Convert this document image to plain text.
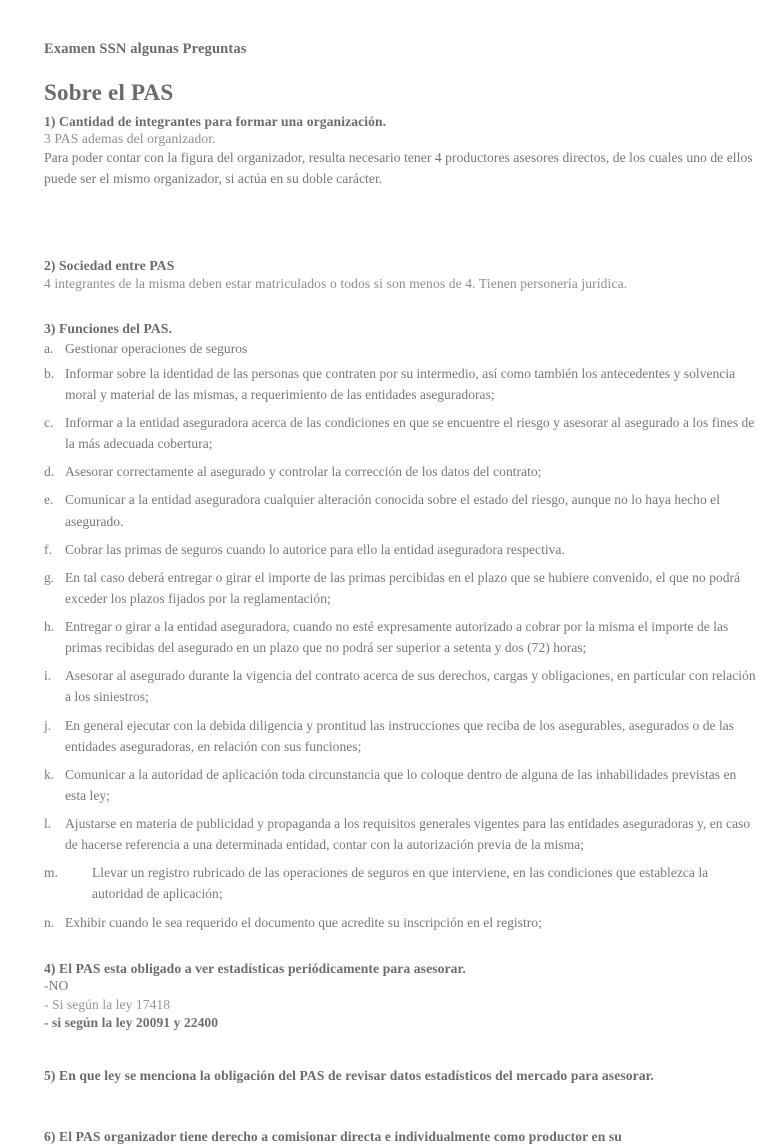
Examen SSN algunas Preguntas
Sobre el PAS
1) Cantidad de integrantes para formar una organización.
3 PAS ademas del organizador.
Para poder contar con la figura del organizador, resulta necesario tener 4 productores asesores directos, de los cuales uno de ellos puede ser el mismo organizador, si actúa en su doble carácter.
2) Sociedad entre PAS
4 integrantes de la misma deben estar matriculados o todos si son menos de 4. Tienen personería jurídica.
3) Funciones del PAS.
a. Gestionar operaciones de seguros
b. Informar sobre la identidad de las personas que contraten por su intermedio, así como también los antecedentes y solvencia moral y material de las mismas, a requerimiento de las entidades aseguradoras;
c. Informar a la entidad aseguradora acerca de las condiciones en que se encuentre el riesgo y asesorar al asegurado a los fines de la más adecuada cobertura;
d. Asesorar correctamente al asegurado y controlar la corrección de los datos del contrato;
e. Comunicar a la entidad aseguradora cualquier alteración conocida sobre el estado del riesgo, aunque no lo haya hecho el asegurado.
f. Cobrar las primas de seguros cuando lo autorice para ello la entidad aseguradora respectiva.
g. En tal caso deberá entregar o girar el importe de las primas percibidas en el plazo que se hubiere convenido, el que no podrá exceder los plazos fijados por la reglamentación;
h. Entregar o girar a la entidad aseguradora, cuando no esté expresamente autorizado a cobrar por la misma el importe de las primas recibidas del asegurado en un plazo que no podrá ser superior a setenta y dos (72) horas;
i.	Asesorar al asegurado durante la vigencia del contrato acerca de sus derechos, cargas y obligaciones, en particular con relación a los siniestros;
j.	En general ejecutar con la debida diligencia y prontitud las instrucciones que reciba de los asegurables, asegurados o de las entidades aseguradoras, en relación con sus funciones;
k. Comunicar a la autoridad de aplicación toda circunstancia que lo coloque dentro de alguna de las inhabilidades previstas en esta ley;
l.	Ajustarse en materia de publicidad y propaganda a los requisitos generales vigentes para las entidades aseguradoras y, en caso de hacerse referencia a una determinada entidad, contar con la autorización previa de la misma;
m.	Llevar un registro rubricado de las operaciones de seguros en que interviene, en las condiciones que establezca la autoridad de aplicación;
n. Exhibir cuando le sea requerido el documento que acredite su inscripción en el registro;
4) El PAS esta obligado a ver estadísticas periódicamente para asesorar.
-NO
- Si según la ley 17418
- si según la ley 20091 y 22400
5) En que ley se menciona la obligación del PAS de revisar datos estadísticos del mercado para asesorar.
6) El PAS organizador tiene derecho a comisionar directa e individualmente como productor en su
